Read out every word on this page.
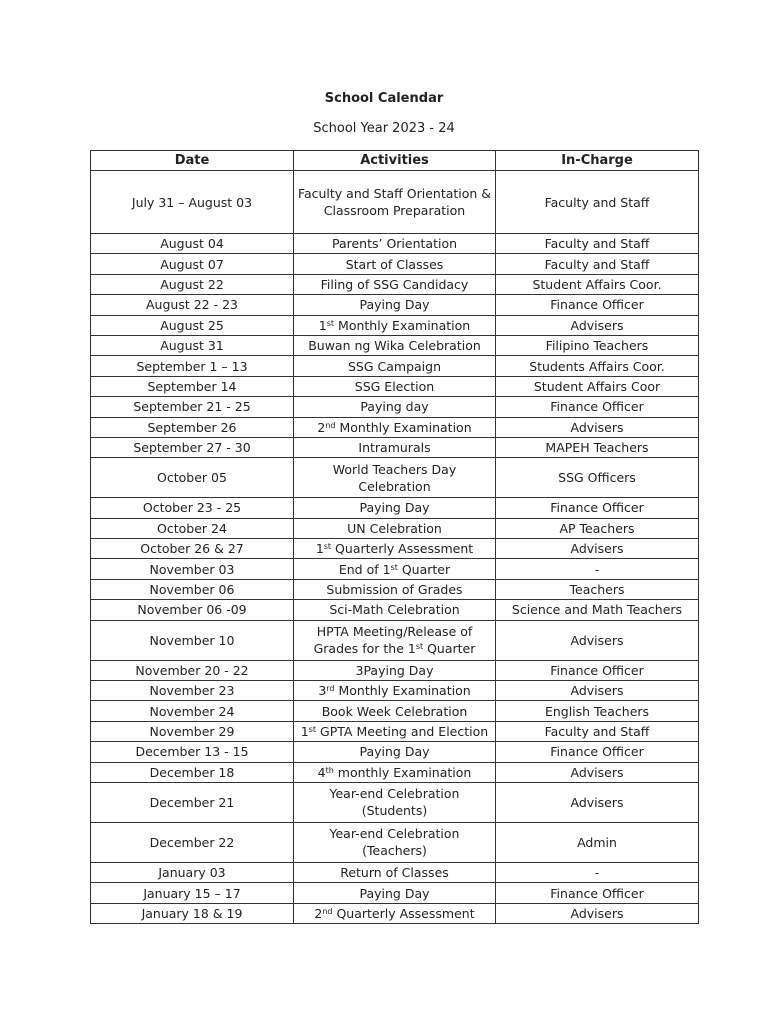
School Calendar
School Year 2023 - 24
Date	Activities	In-Charge
July 31 – August 03	Faculty and Staff Orientation & Classroom Preparation	Faculty and Staff
August 04	Parents’ Orientation	Faculty and Staff
August 07	Start of Classes	Faculty and Staff
August 22	Filing of SSG Candidacy	Student Affairs Coor.
August 22 - 23	Paying Day	Finance Officer
August 25	1st Monthly Examination	Advisers
August 31	Buwan ng Wika Celebration	Filipino Teachers
September 1 – 13	SSG Campaign	Students Affairs Coor.
September 14	SSG Election	Student Affairs Coor
September 21 - 25	Paying day	Finance Officer
September 26	2nd Monthly Examination	Advisers
September 27 - 30	Intramurals	MAPEH Teachers
October 05	World Teachers Day Celebration	SSG Officers
October 23 - 25	Paying Day	Finance Officer
October 24	UN Celebration	AP Teachers
October 26 & 27	1st Quarterly Assessment	Advisers
November 03	End of 1st Quarter	-
November 06	Submission of Grades	Teachers
November 06 -09	Sci-Math Celebration	Science and Math Teachers
November 10	HPTA Meeting/Release of Grades for the 1st Quarter	Advisers
November 20 - 22	3Paying Day	Finance Officer
November 23	3rd Monthly Examination	Advisers
November 24	Book Week Celebration	English Teachers
November 29	1st GPTA Meeting and Election	Faculty and Staff
December 13 - 15	Paying Day	Finance Officer
December 18	4th monthly Examination	Advisers
December 21	Year-end Celebration (Students)	Advisers
December 22	Year-end Celebration (Teachers)	Admin
January 03	Return of Classes	-
January 15 – 17	Paying Day	Finance Officer
January 18 & 19	2nd Quarterly Assessment	Advisers
